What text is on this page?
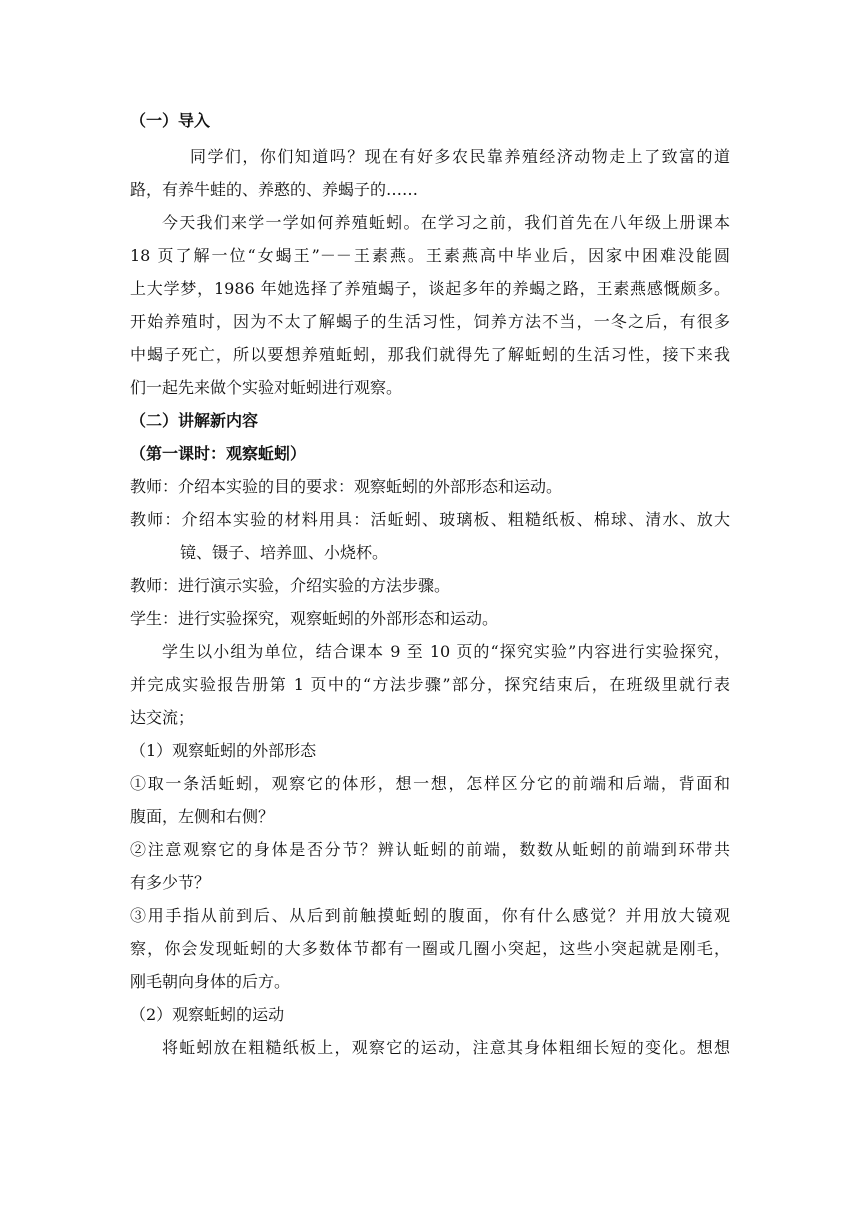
（一）导入
同学们，你们知道吗？现在有好多农民靠养殖经济动物走上了致富的道
路，有养牛蛙的、养憨的、养蝎子的……
今天我们来学一学如何养殖蚯蚓。在学习之前，我们首先在八年级上册课本
18 页了解一位“女蝎王”－－王素燕。王素燕高中毕业后，因家中困难没能圆
上大学梦，1986 年她选择了养殖蝎子，谈起多年的养蝎之路，王素燕感慨颇多。
开始养殖时，因为不太了解蝎子的生活习性，饲养方法不当，一冬之后，有很多
中蝎子死亡，所以要想养殖蚯蚓，那我们就得先了解蚯蚓的生活习性，接下来我
们一起先来做个实验对蚯蚓进行观察。
（二）讲解新内容
（第一课时：观察蚯蚓）
教师：介绍本实验的目的要求：观察蚯蚓的外部形态和运动。
教师：介绍本实验的材料用具：活蚯蚓、玻璃板、粗糙纸板、棉球、清水、放大
镜、镊子、培养皿、小烧杯。
教师：进行演示实验，介绍实验的方法步骤。
学生：进行实验探究，观察蚯蚓的外部形态和运动。
学生以小组为单位，结合课本 9 至 10 页的“探究实验”内容进行实验探究，
并完成实验报告册第 1 页中的“方法步骤”部分，探究结束后，在班级里就行表
达交流；
（1）观察蚯蚓的外部形态
①取一条活蚯蚓，观察它的体形，想一想，怎样区分它的前端和后端，背面和
腹面，左侧和右侧？
②注意观察它的身体是否分节？辨认蚯蚓的前端，数数从蚯蚓的前端到环带共
有多少节？
③用手指从前到后、从后到前触摸蚯蚓的腹面，你有什么感觉？并用放大镜观
察，你会发现蚯蚓的大多数体节都有一圈或几圈小突起，这些小突起就是刚毛，
刚毛朝向身体的后方。
（2）观察蚯蚓的运动
将蚯蚓放在粗糙纸板上，观察它的运动，注意其身体粗细长短的变化。想想
